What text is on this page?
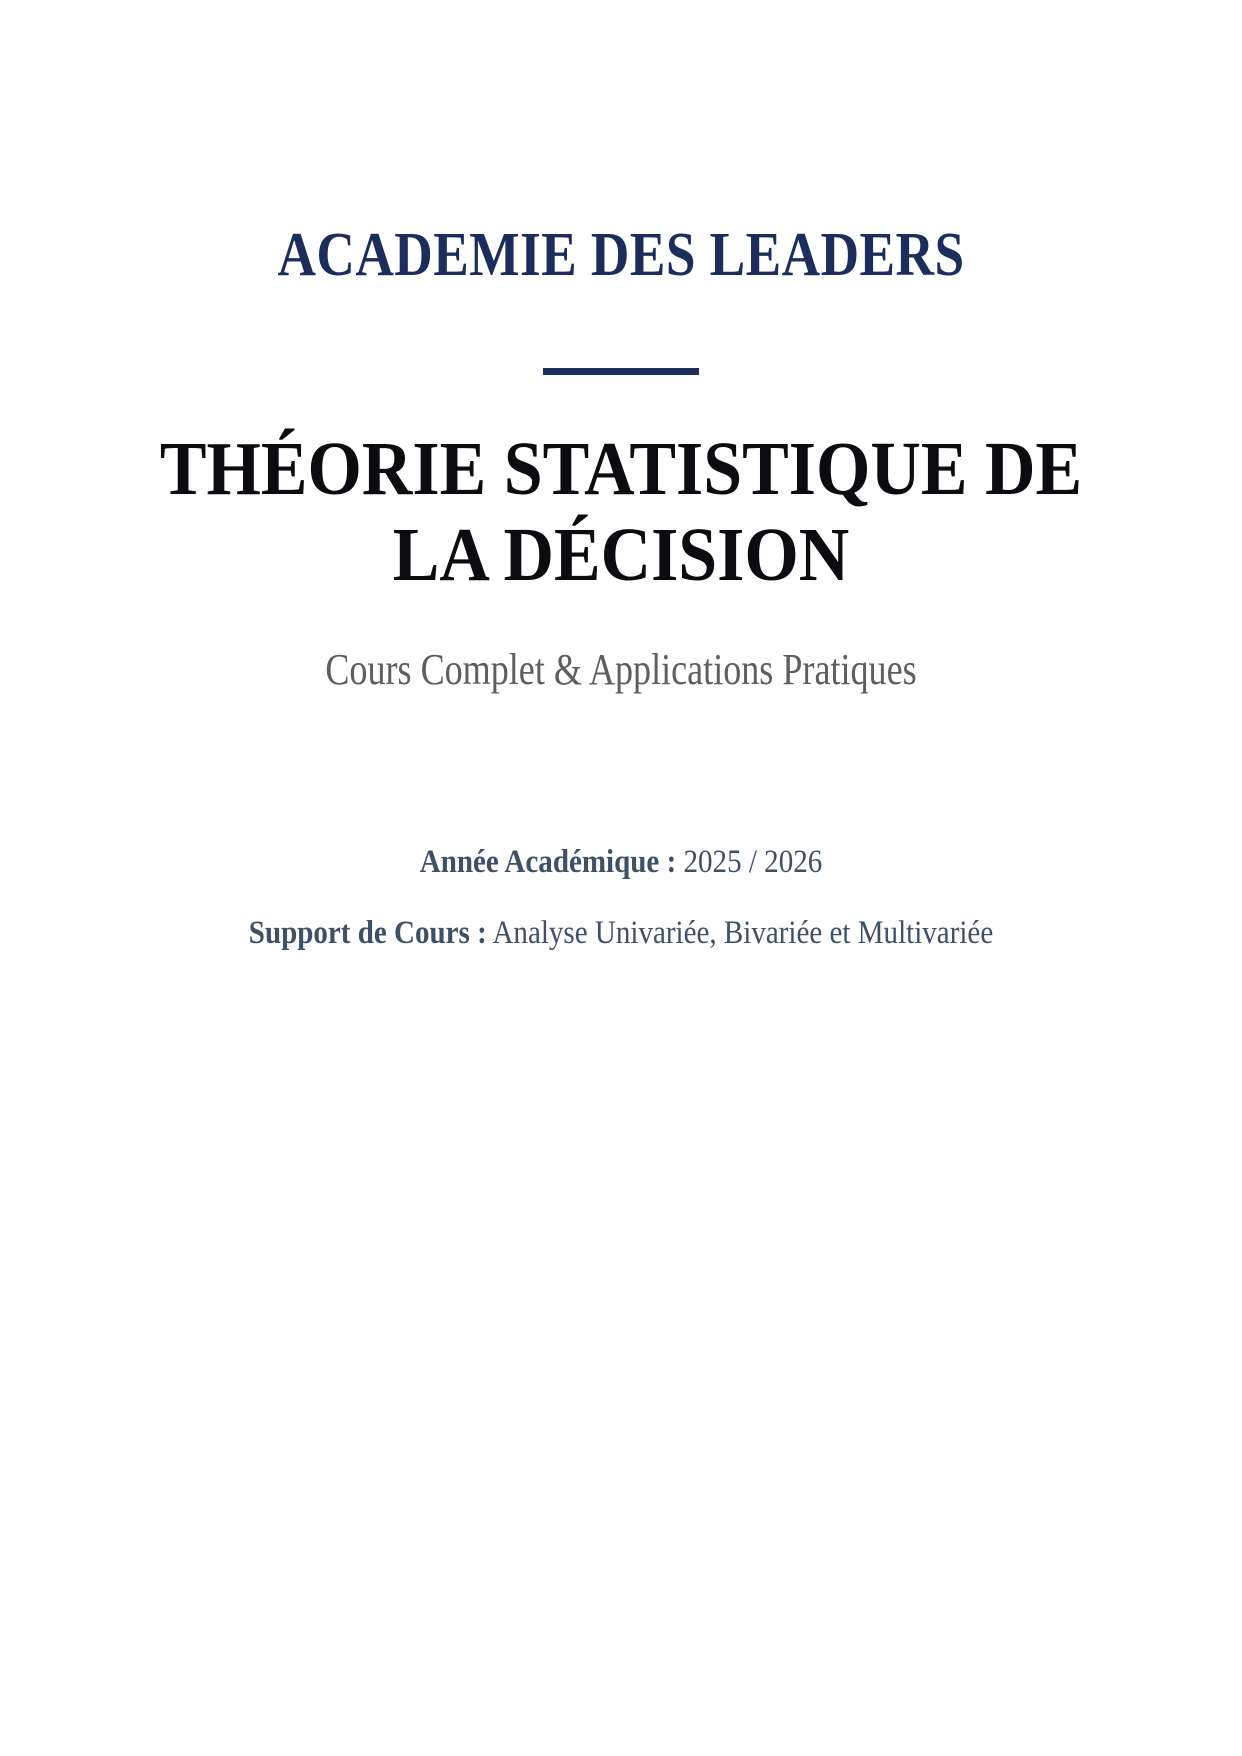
ACADEMIE DES LEADERS
THÉORIE STATISTIQUE DE
LA DÉCISION
Cours Complet & Applications Pratiques

Année Académique : 2025 / 2026

Support de Cours : Analyse Univariée, Bivariée et Multivariée
